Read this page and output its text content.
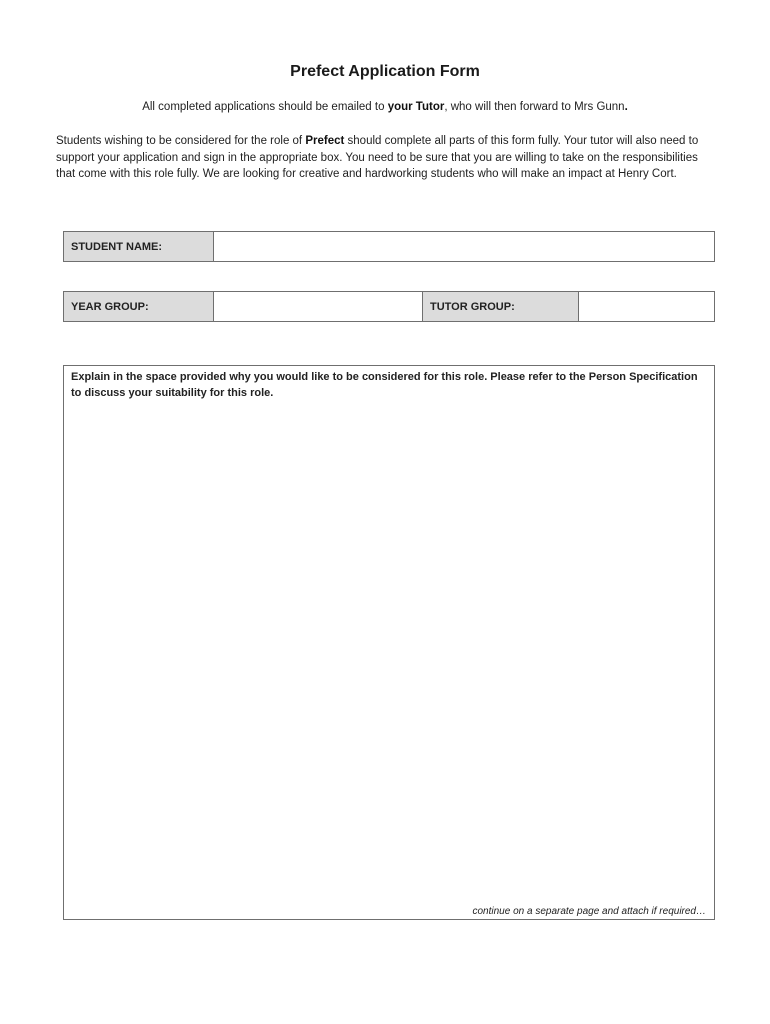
Prefect Application Form
All completed applications should be emailed to your Tutor, who will then forward to Mrs Gunn.
Students wishing to be considered for the role of Prefect should complete all parts of this form fully. Your tutor will also need to support your application and sign in the appropriate box. You need to be sure that you are willing to take on the responsibilities that come with this role fully. We are looking for creative and hardworking students who will make an impact at Henry Cort.
STUDENT NAME:
YEAR GROUP:	TUTOR GROUP:
Explain in the space provided why you would like to be considered for this role. Please refer to the Person Specification to discuss your suitability for this role.
continue on a separate page and attach if required…
